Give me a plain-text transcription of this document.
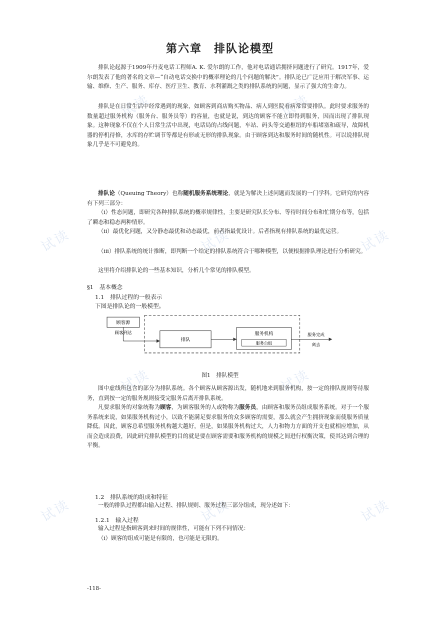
试读	试读
试读	试读	试读
试读	试读
试读	试读	试读
第六章　排队论模型

排队论起源于1909年丹麦电话工程师A. K. 爱尔朗的工作，他对电话通话拥挤问题进行了研究。1917年，爱尔朗发表了他的著名的文章—“自动电话交换中的概率理论的几个问题的解决”。排队论已广泛应用于解决军事、运输、维修、生产、服务、库存、医疗卫生、教育、水利灌溉之类的排队系统的问题，显示了强大的生命力。

排队是在日常生活中经常遇到的现象，如顾客到商店购买物品、病人到医院看病常常要排队。此时要求服务的数量超过服务机构（服务台、服务员等）的容量，也就是说，到达的顾客不能立即得到服务，因而出现了排队现象。这种现象不仅在个人日常生活中出现，电话局的占线问题，车站、码头等交通枢纽的车船堵塞和疏导，故障机器的停机待修，水库的存贮调节等都是有形或无形的排队现象。由于顾客到达和服务时间的随机性。可以说排队现象几乎是不可避免的。

排队论（Queuing Theory）也称随机服务系统理论，就是为解决上述问题而发展的一门学科。它研究的内容有下列三部分：

（i）性态问题，即研究各种排队系统的概率规律性，主要是研究队长分布、等待时间分布和忙期分布等，包括了瞬态和稳态两种情形。

（ii）最优化问题，又分静态最优和动态最优，前者指最优设计。后者指现有排队系统的最优运营。

（iii）排队系统的统计推断，即判断一个给定的排队系统符合于哪种模型，以便根据排队理论进行分析研究。

这里将介绍排队论的一些基本知识，分析几个常见的排队模型。

§1　基本概念

1.1　排队过程的一般表示

下图是排队论的一般模型。

顾客源
顾客到达
排队
服务机构
服务台组
服务完成
离去

图1　排队模型

图中虚线所包含的部分为排队系统。各个顾客从顾客源出发，随机地来到服务机构，按一定的排队规则等待服务，直到按一定的服务规则接受完服务后离开排队系统。

凡要求服务的对象统称为顾客，为顾客服务的人或物称为服务员，由顾客和服务员组成服务系统。对于一个服务系统来说，如果服务机构过小，以致不能满足要求服务的众多顾客的需要，那么就会产生拥挤现象而使服务质量降低。因此，顾客总希望服务机构越大越好，但是，如果服务机构过大，人力和物力方面的开支也就相应增加，从而会造成浪费，因此研究排队模型的目的就是要在顾客需要和服务机构的规模之间进行权衡决策，使其达到合理的平衡。

1.2　排队系统的组成和特征

一般的排队过程都由输入过程、排队规则、服务过程三部分组成，现分述如下：

1.2.1　输入过程

输入过程是指顾客到来时间的规律性，可能有下列不同情况：

（i）顾客的组成可能是有限的，也可能是无限的。

-118-
